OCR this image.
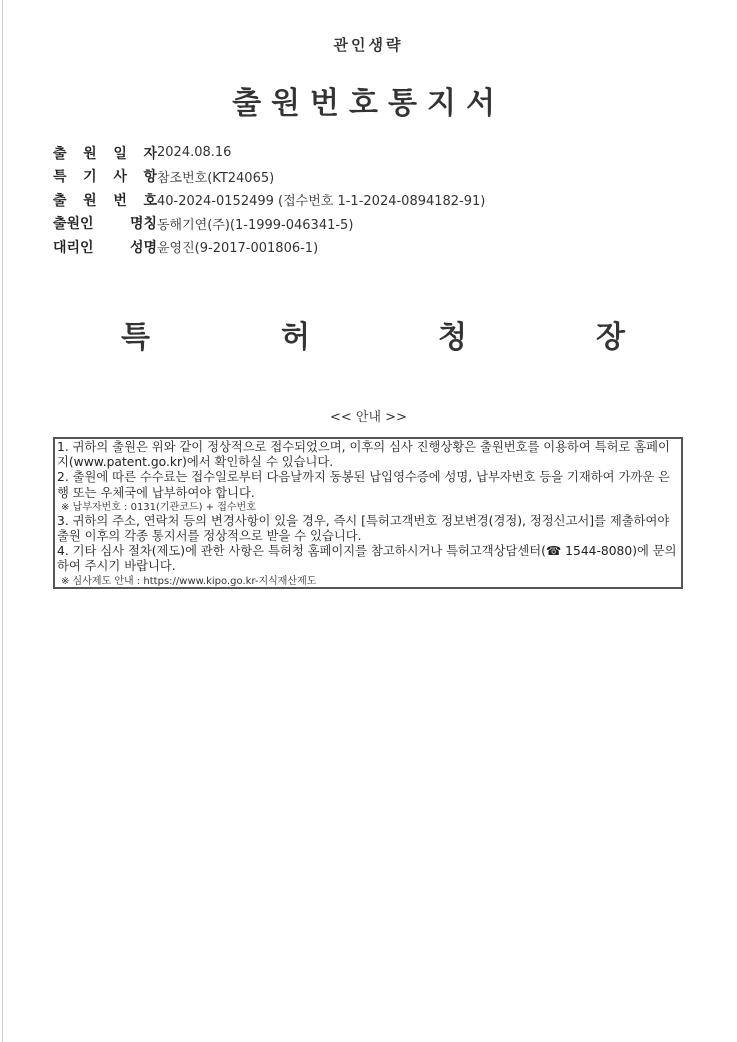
관인생략
출원번호통지서
출 원 일 자 2024.08.16
특 기 사 항 참조번호(KT24065)
출 원 번 호 40-2024-0152499 (접수번호 1-1-2024-0894182-91)
출원인	명칭 동해기연(주)(1-1999-046341-5)
대리인	성명 윤영진(9-2017-001806-1)
특	허	청	장
<< 안내 >>

1. 귀하의 출원은 위와 같이 정상적으로 접수되었으며, 이후의 심사 진행상황은 출원번호를 이용하여 특허로 홈페이지(www.patent.go.kr)에서 확인하실 수 있습니다.

2. 출원에 따른 수수료는 접수일로부터 다음날까지 동봉된 납입영수증에 성명, 납부자번호 등을 기재하여 가까운 은행 또는 우체국에 납부하여야 합니다.

※ 납부자번호 : 0131(기관코드) + 접수번호

3. 귀하의 주소, 연락처 등의 변경사항이 있을 경우, 즉시 [특허고객번호 정보변경(경정), 정정신고서]를 제출하여야 출원 이후의 각종 통지서를 정상적으로 받을 수 있습니다.

4. 기타 심사 절차(제도)에 관한 사항은 특허청 홈페이지를 참고하시거나 특허고객상담센터(☎ 1544-8080)에 문의하여 주시기 바랍니다.

※ 심사제도 안내 : https://www.kipo.go.kr-지식재산제도
